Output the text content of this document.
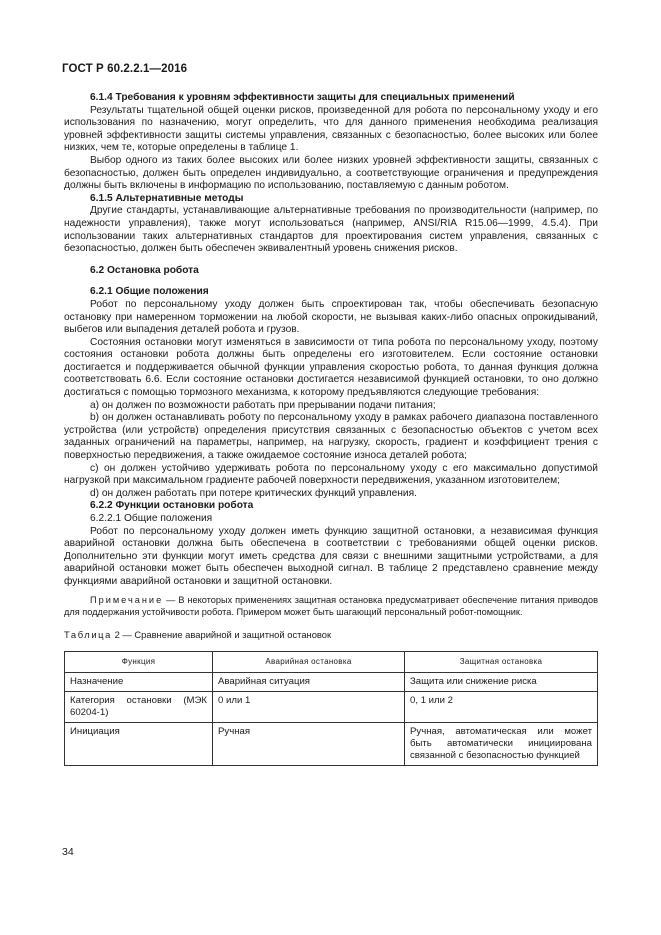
ГОСТ Р 60.2.2.1—2016

6.1.4 Требования к уровням эффективности защиты для специальных применений

Результаты тщательной общей оценки рисков, произведенной для робота по персональному уходу и его использования по назначению, могут определить, что для данного применения необходима реализация уровней эффективности защиты системы управления, связанных с безопасностью, более высоких или более низких, чем те, которые определены в таблице 1.

Выбор одного из таких более высоких или более низких уровней эффективности защиты, связанных с безопасностью, должен быть определен индивидуально, а соответствующие ограничения и предупреждения должны быть включены в информацию по использованию, поставляемую с данным роботом.

6.1.5 Альтернативные методы

Другие стандарты, устанавливающие альтернативные требования по производительности (например, по надежности управления), также могут использоваться (например, ANSI/RIA R15.06—1999, 4.5.4). При использовании таких альтернативных стандартов для проектирования систем управления, связанных с безопасностью, должен быть обеспечен эквивалентный уровень снижения рисков.

6.2 Остановка робота

6.2.1 Общие положения

Робот по персональному уходу должен быть спроектирован так, чтобы обеспечивать безопасную остановку при намеренном торможении на любой скорости, не вызывая каких-либо опасных опрокидываний, выбегов или выпадения деталей робота и грузов.

Состояния остановки могут изменяться в зависимости от типа робота по персональному уходу, поэтому состояния остановки робота должны быть определены его изготовителем. Если состояние остановки достигается и поддерживается обычной функции управления скоростью робота, то данная функция должна соответствовать 6.6. Если состояние остановки достигается независимой функцией остановки, то оно должно достигаться с помощью тормозного механизма, к которому предъявляются следующие требования:

a) он должен по возможности работать при прерывании подачи питания;

b) он должен останавливать роботу по персональному уходу в рамках рабочего диапазона поставленного устройства (или устройств) определения присутствия связанных с безопасностью объектов с учетом всех заданных ограничений на параметры, например, на нагрузку, скорость, градиент и коэффициент трения с поверхностью передвижения, а также ожидаемое состояние износа деталей робота;

c) он должен устойчиво удерживать робота по персональному уходу с его максимально допустимой нагрузкой при максимальном градиенте рабочей поверхности передвижения, указанном изготовителем;

d) он должен работать при потере критических функций управления.

6.2.2 Функции остановки робота

6.2.2.1 Общие положения

Робот по персональному уходу должен иметь функцию защитной остановки, а независимая функция аварийной остановки должна быть обеспечена в соответствии с требованиями общей оценки рисков. Дополнительно эти функции могут иметь средства для связи с внешними защитными устройствами, а для аварийной остановки может быть обеспечен выходной сигнал. В таблице 2 представлено сравнение между функциями аварийной остановки и защитной остановки.

Примечание — В некоторых применениях защитная остановка предусматривает обеспечение питания приводов для поддержания устойчивости робота. Примером может быть шагающий персональный робот-помощник.

Таблица 2 — Сравнение аварийной и защитной остановок
Функция	Аварийная остановка	Защитная остановка
Назначение	Аварийная ситуация	Защита или снижение риска
Категория остановки (МЭК 60204-1)	0 или 1	0, 1 или 2
Инициация	Ручная	Ручная, автоматическая или может быть автоматически инициирована связанной с безопасностью функцией
34
